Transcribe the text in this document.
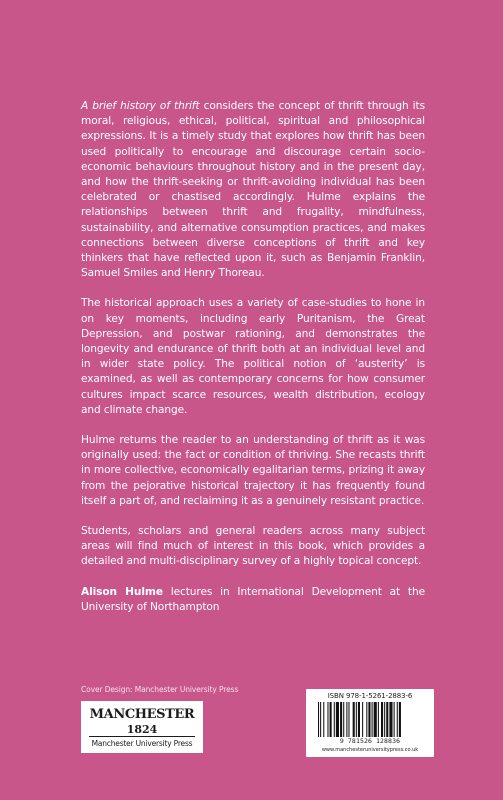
A brief history of thrift considers the concept of thrift through its moral, religious, ethical, political, spiritual and philosophical expressions. It is a timely study that explores how thrift has been used politically to encourage and discourage certain socio-economic behaviours throughout history and in the present day, and how the thrift-seeking or thrift-avoiding individual has been celebrated or chastised accordingly. Hulme explains the relationships between thrift and frugality, mindfulness, sustainability, and alternative consumption practices, and makes connections between diverse conceptions of thrift and key thinkers that have reflected upon it, such as Benjamin Franklin, Samuel Smiles and Henry Thoreau.

The historical approach uses a variety of case-studies to hone in on key moments, including early Puritanism, the Great Depression, and postwar rationing, and demonstrates the longevity and endurance of thrift both at an individual level and in wider state policy. The political notion of ‘austerity’ is examined, as well as contemporary concerns for how consumer cultures impact scarce resources, wealth distribution, ecology and climate change.

Hulme returns the reader to an understanding of thrift as it was originally used: the fact or condition of thriving. She recasts thrift in more collective, economically egalitarian terms, prizing it away from the pejorative historical trajectory it has frequently found itself a part of, and reclaiming it as a genuinely resistant practice.

Students, scholars and general readers across many subject areas will find much of interest in this book, which provides a detailed and multi-disciplinary survey of a highly topical concept.

Alison Hulme lectures in International Development at the University of Northampton

Cover Design: Manchester University Press
MANCHESTER
1824
Manchester University Press
ISBN 978-1-5261-2883-6
9 781526 128836
www.manchesteruniversitypress.co.uk
